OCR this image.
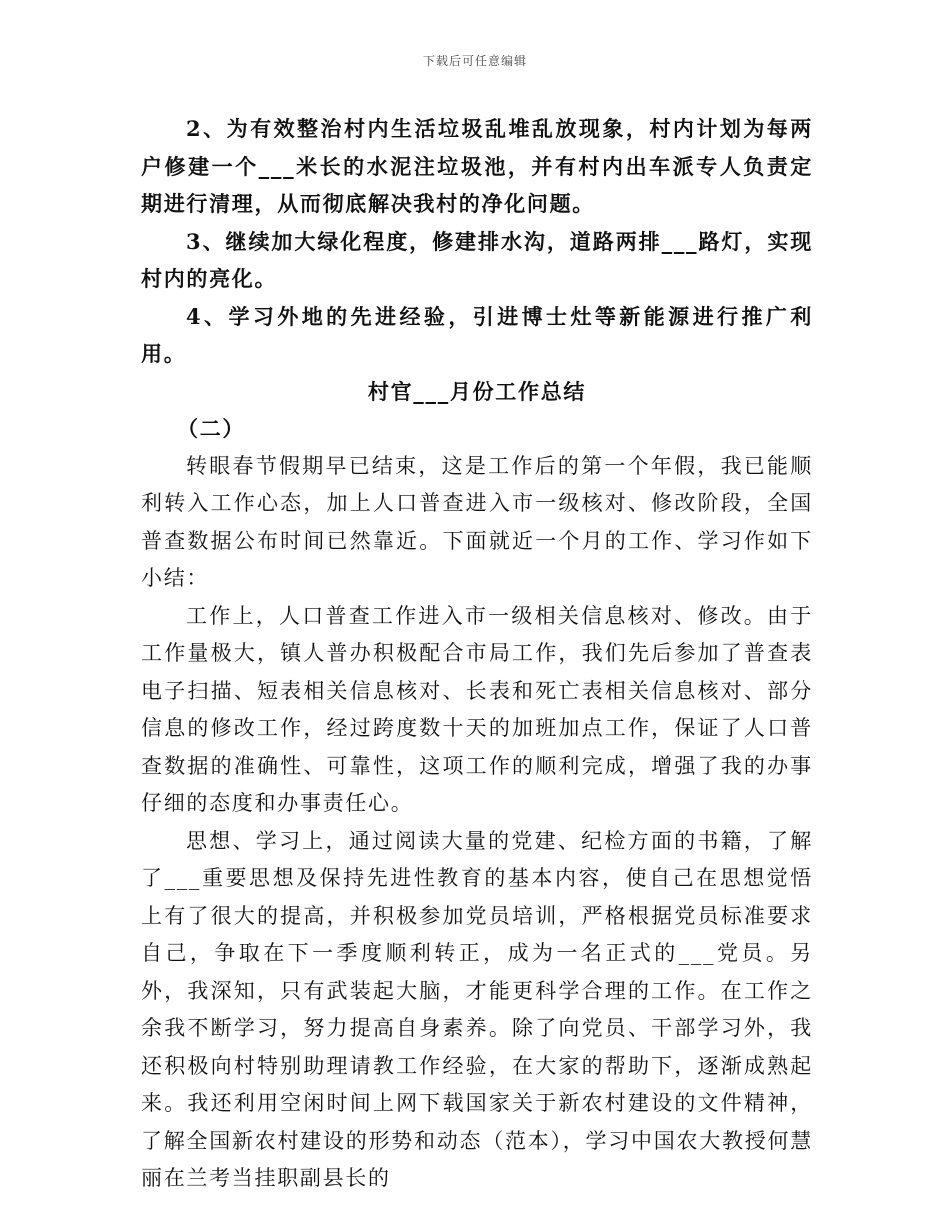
下载后可任意编辑

2、为有效整治村内生活垃圾乱堆乱放现象，村内计划为每两户修建一个___米长的水泥注垃圾池，并有村内出车派专人负责定期进行清理，从而彻底解决我村的净化问题。

3、继续加大绿化程度，修建排水沟，道路两排___路灯，实现村内的亮化。

4、学习外地的先进经验，引进博士灶等新能源进行推广利用。

村官___月份工作总结

（二）

转眼春节假期早已结束，这是工作后的第一个年假，我已能顺利转入工作心态，加上人口普查进入市一级核对、修改阶段，全国普查数据公布时间已然靠近。下面就近一个月的工作、学习作如下小结：

工作上，人口普查工作进入市一级相关信息核对、修改。由于工作量极大，镇人普办积极配合市局工作，我们先后参加了普查表电子扫描、短表相关信息核对、长表和死亡表相关信息核对、部分信息的修改工作，经过跨度数十天的加班加点工作，保证了人口普查数据的准确性、可靠性，这项工作的顺利完成，增强了我的办事仔细的态度和办事责任心。

思想、学习上，通过阅读大量的党建、纪检方面的书籍，了解了___重要思想及保持先进性教育的基本内容，使自己在思想觉悟上有了很大的提高，并积极参加党员培训，严格根据党员标准要求自己，争取在下一季度顺利转正，成为一名正式的___党员。另外，我深知，只有武装起大脑，才能更科学合理的工作。在工作之余我不断学习，努力提高自身素养。除了向党员、干部学习外，我还积极向村特别助理请教工作经验，在大家的帮助下，逐渐成熟起来。我还利用空闲时间上网下载国家关于新农村建设的文件精神，了解全国新农村建设的形势和动态（范本），学习中国农大教授何慧丽在兰考当挂职副县长的
